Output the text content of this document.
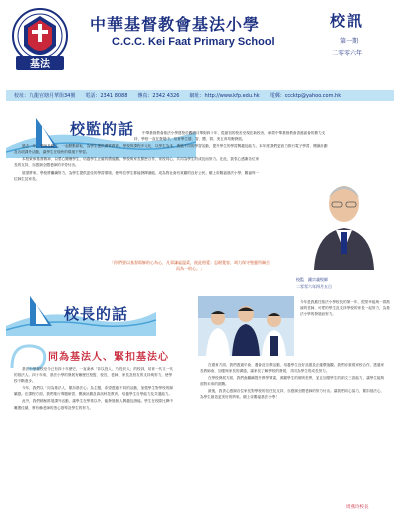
基法
中華基督教會基法小學
C.C.C. Kei Faat Primary School
校訊
第一期
二零零六年
校址：九龍官塘月華街34號 電話：2341 8088 傳真：2342 4326 網址：http://www.kfp.edu.hk 電郵：cccktp@yahoo.com.hk
校監的話	中華基督教會基法小學建校於觀塘月華街四十年，從最初的校舍至現在新校舍，承蒙中華基督教會香港區會的鼎力支持，學校一直在發展中，培育學生德、智、體、群、美五育均衡發展。

過去一年，老師及職工，一起默默耕耘，為學生提供優質教育。學校的課程多元化，以學生為本，透過不同的學習活動，提升學生的學習興趣及能力。本年度我們更致力推行電子學習、閱讀計劃及各項課外活動，讓學生在愉快的環境下學習。

本校秉承基督精神，以愛心關懷學生，培養學生正確的價值觀。學校與家長緊密合作，家校同心，共同為學生的成長而努力。在此，我衷心感謝各位家長的支持，亦感謝全體老師的辛勞付出。

展望將來，學校將繼續努力，為學生提供更佳的學習環境，使每位學生都能發揮潛能，成為對社會有貢獻的良好公民。願上帝賜福基法小學，賜福每一位師生及家長。

「你們要以基督耶穌的心為心，凡事謙虛溫柔，彼此相愛；忍耐寬容，竭力保守聖靈所賜合而為一的心。」
校監　鍾宗義牧師
二零零六年四月五日
校長的話
今年是我擔任基法小學校長的第一年，很榮幸能與一群熱誠的老師、可愛的學生及支持學校的家長一起努力，為基法小學的發展而努力。
同為基法人、緊扣基法心

基法小學創校至今已有四十年歷史，一直秉承「非以役人，乃役於人」的校訓，培育一代又一代的基法人。四十年來，基法小學的發展有賴歷任校監、校長、老師、家長及校友的支持與努力，使學校不斷進步。

今年，我們以「同為基法人、緊扣基法心」為主題，希望透過不同的活動，加強學生對學校的歸屬感。在課程方面，我們推行專題研習、閱讀計劃及資訊科技教育，培養學生自學能力及共通能力。

此外，我們積極推展課外活動，讓學生在學業以外，能發展個人興趣及潛能。學生在校際比賽中屢獲佳績，實有賴老師的悉心指導及學生的努力。

在德育方面，我們透過早會、週會及宗教活動，培養學生良好品德及正確價值觀。我們亦重視家校合作，透過家長教師會，加強與家長的溝通，讓家長了解學校的發展，共同為學生的成長努力。

在學校發展方面，我們會繼續提升教學質素，照顧學生的個別差異，並且加強學生的兩文三語能力，讓學生能夠面對未來的挑戰。

最後，我衷心感謝各位家長對學校的信任及支持，亦感謝全體老師的努力付出。讓我們同心協力，緊扣基法心，為學生創造更美好的將來。願上帝賜福基法小學！

周燕玲校長
